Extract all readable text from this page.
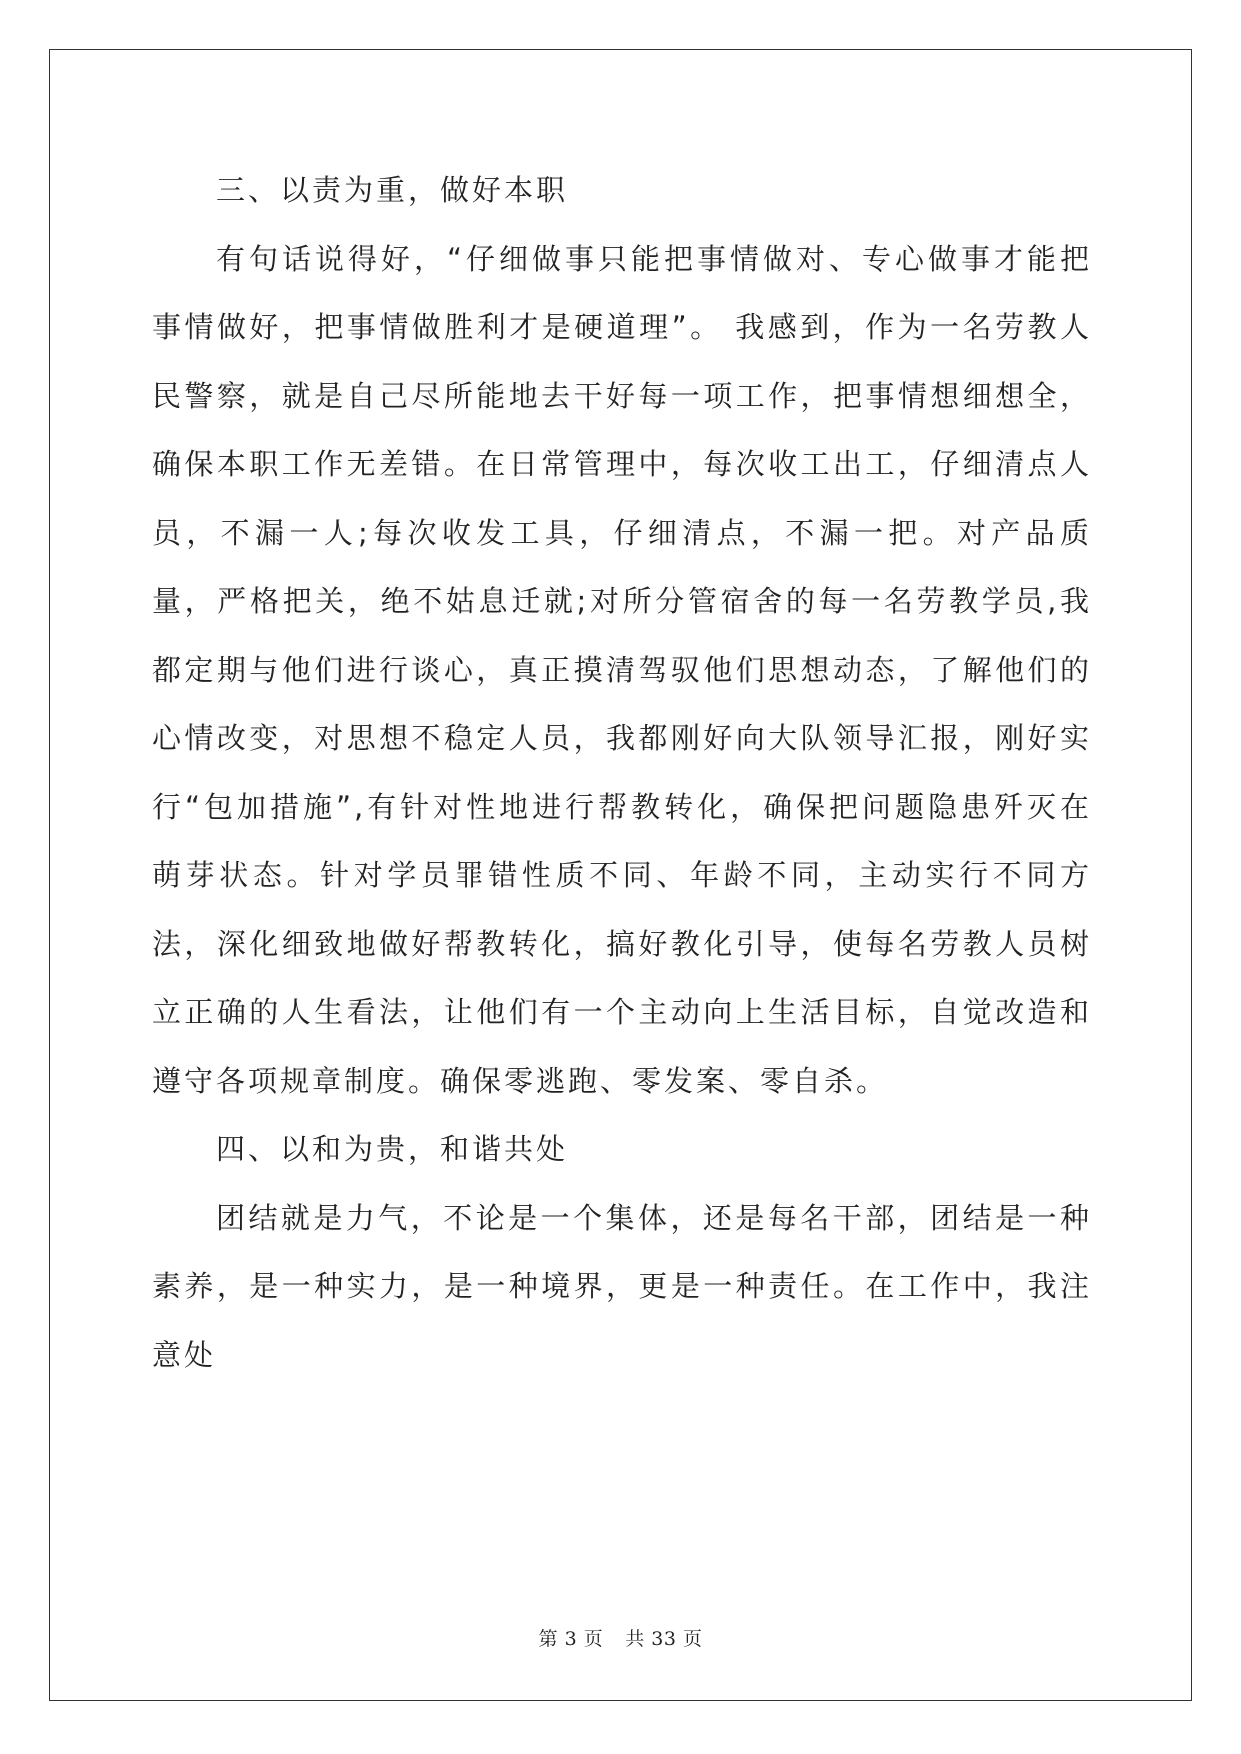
三、以责为重，做好本职

有句话说得好，“仔细做事只能把事情做对、专心做事才能把事情做好，把事情做胜利才是硬道理”。 我感到，作为一名劳教人民警察，就是自己尽所能地去干好每一项工作，把事情想细想全，确保本职工作无差错。在日常管理中，每次收工出工，仔细清点人员，不漏一人;每次收发工具，仔细清点，不漏一把。对产品质量，严格把关，绝不姑息迁就;对所分管宿舍的每一名劳教学员,我都定期与他们进行谈心，真正摸清驾驭他们思想动态，了解他们的心情改变，对思想不稳定人员，我都刚好向大队领导汇报，刚好实行“包加措施”,有针对性地进行帮教转化，确保把问题隐患歼灭在萌芽状态。针对学员罪错性质不同、年龄不同，主动实行不同方法，深化细致地做好帮教转化，搞好教化引导，使每名劳教人员树立正确的人生看法，让他们有一个主动向上生活目标，自觉改造和遵守各项规章制度。确保零逃跑、零发案、零自杀。

四、以和为贵，和谐共处

团结就是力气，不论是一个集体，还是每名干部，团结是一种素养，是一种实力，是一种境界，更是一种责任。在工作中，我注意处

第 3 页 共 33 页
